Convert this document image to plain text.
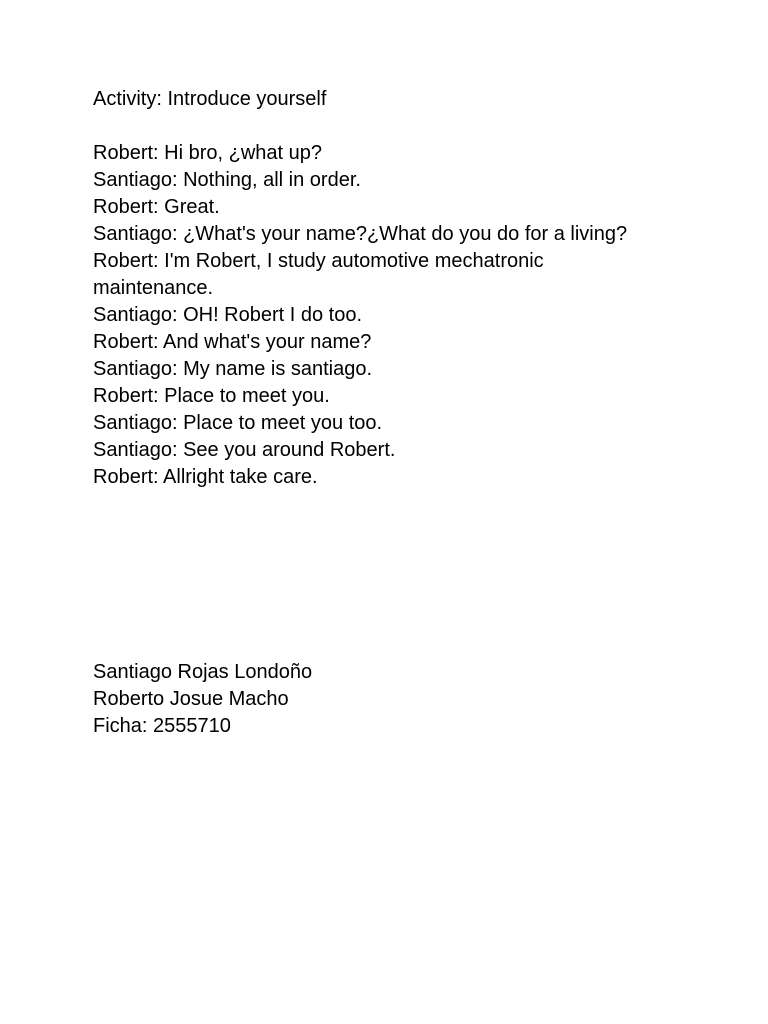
Activity: Introduce yourself

Robert: Hi bro, ¿what up?

Santiago: Nothing, all in order.

Robert: Great.

Santiago: ¿What's your name?¿What do you do for a living?

Robert: I'm Robert, I study automotive mechatronic maintenance.

Santiago: OH! Robert I do too.

Robert: And what's your name?

Santiago: My name is santiago.

Robert: Place to meet you.

Santiago: Place to meet you too.

Santiago: See you around Robert.

Robert: Allright take care.

Santiago Rojas Londoño

Roberto Josue Macho

Ficha: 2555710
